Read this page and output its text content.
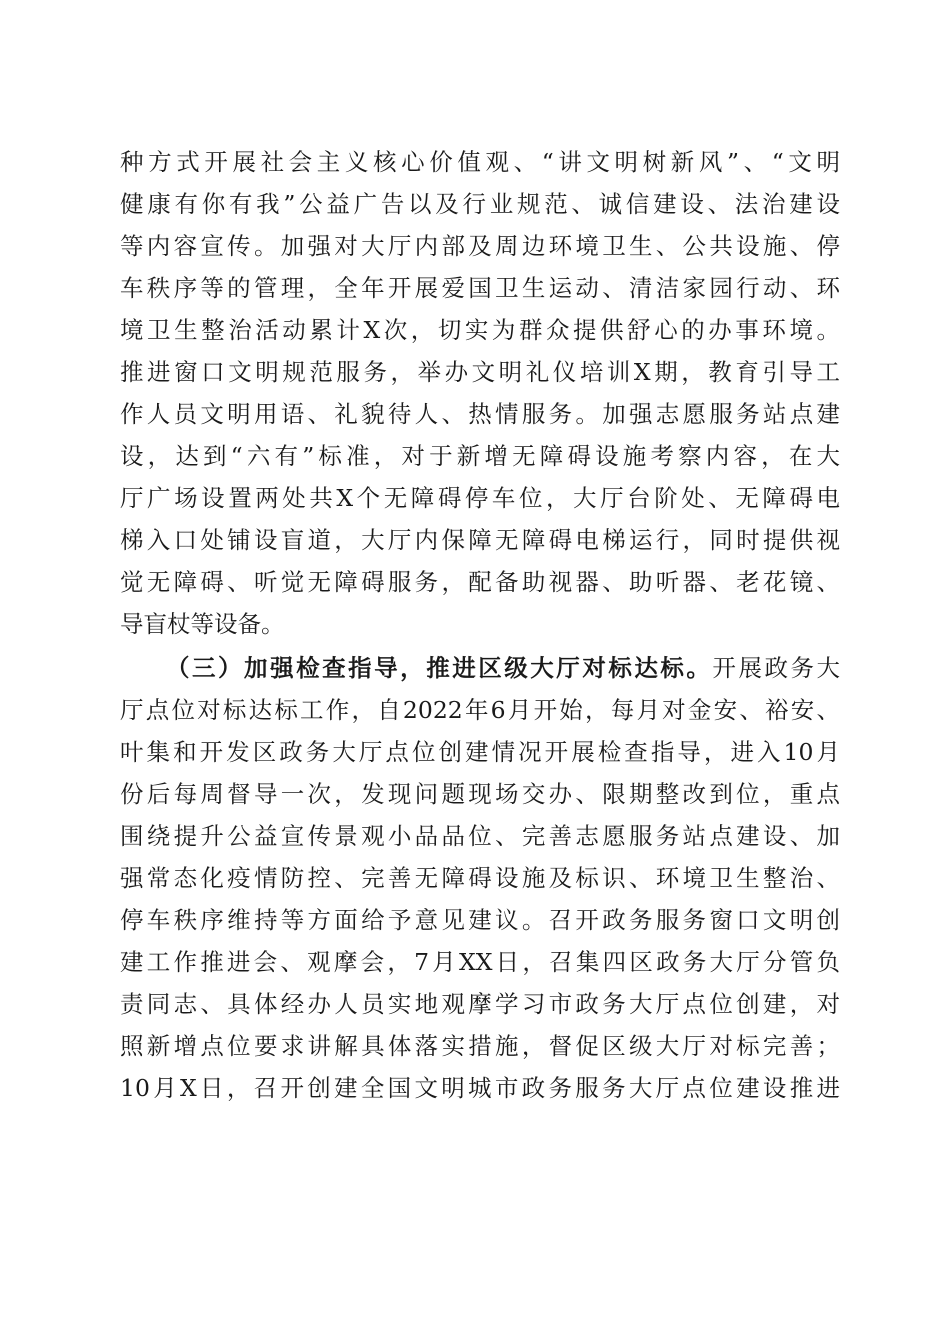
种方式开展社会主义核心价值观、“讲文明树新风”、“文明
健康有你有我”公益广告以及行业规范、诚信建设、法治建设
等内容宣传。加强对大厅内部及周边环境卫生、公共设施、停
车秩序等的管理，全年开展爱国卫生运动、清洁家园行动、环
境卫生整治活动累计X次，切实为群众提供舒心的办事环境。
推进窗口文明规范服务，举办文明礼仪培训X期，教育引导工
作人员文明用语、礼貌待人、热情服务。加强志愿服务站点建
设，达到“六有”标准，对于新增无障碍设施考察内容，在大
厅广场设置两处共X个无障碍停车位，大厅台阶处、无障碍电
梯入口处铺设盲道，大厅内保障无障碍电梯运行，同时提供视
觉无障碍、听觉无障碍服务，配备助视器、助听器、老花镜、
导盲杖等设备。
（三）加强检查指导，推进区级大厅对标达标。开展政务大
厅点位对标达标工作，自2022年6月开始，每月对金安、裕安、
叶集和开发区政务大厅点位创建情况开展检查指导，进入10月
份后每周督导一次，发现问题现场交办、限期整改到位，重点
围绕提升公益宣传景观小品品位、完善志愿服务站点建设、加
强常态化疫情防控、完善无障碍设施及标识、环境卫生整治、
停车秩序维持等方面给予意见建议。召开政务服务窗口文明创
建工作推进会、观摩会，7月XX日，召集四区政务大厅分管负
责同志、具体经办人员实地观摩学习市政务大厅点位创建，对
照新增点位要求讲解具体落实措施，督促区级大厅对标完善；
10月X日，召开创建全国文明城市政务服务大厅点位建设推进
